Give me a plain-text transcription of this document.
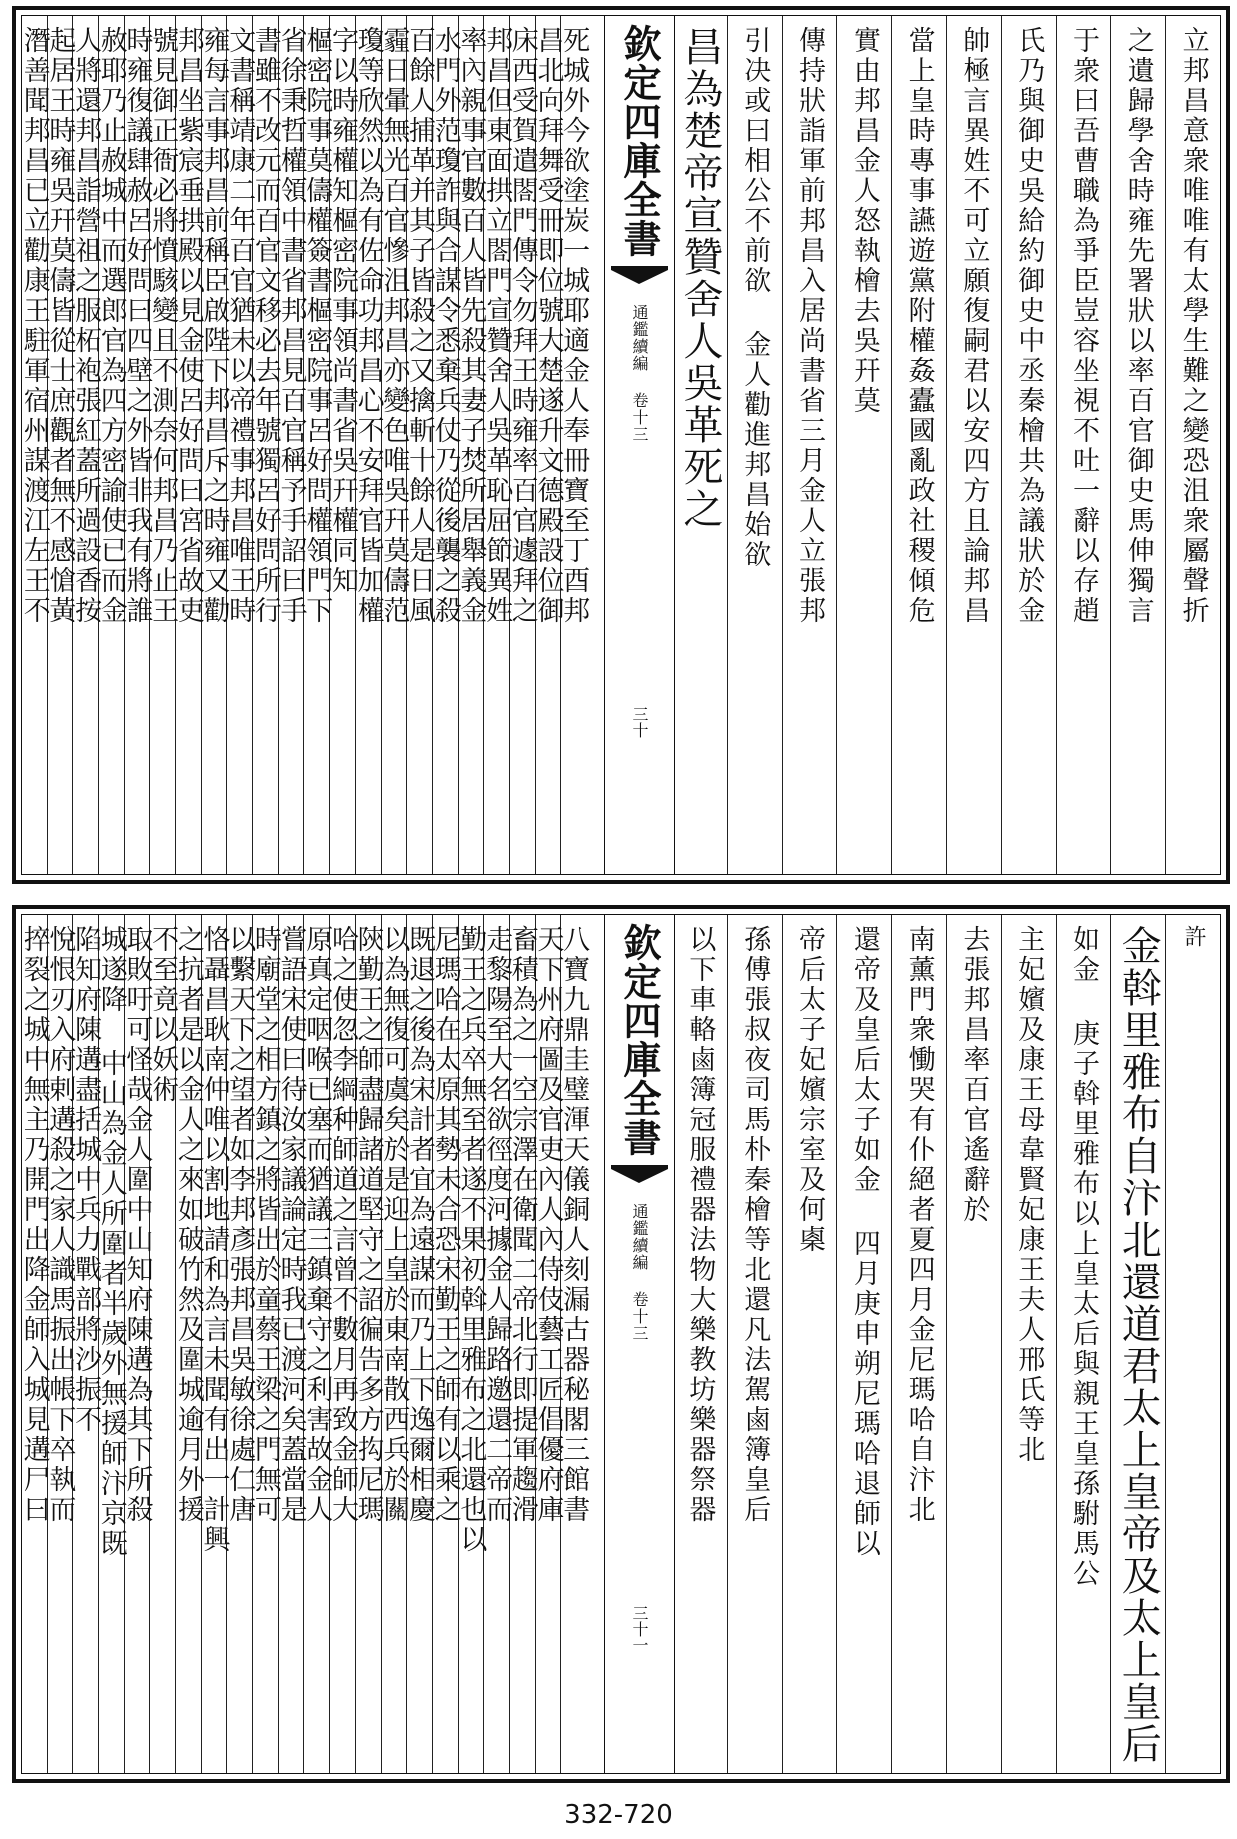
立邦昌意衆唯唯有太學生難之變恐沮衆屬聲折
之遺歸學舍時雍先署狀以率百官御史馬伸獨言
于衆曰吾曹職為爭臣豈容坐視不吐一辭以存趙
氏乃與御史吳給約御史中丞秦檜共為議狀於金
帥極言異姓不可立願復嗣君以安四方且論邦昌
當上皇時專事讌遊黨附權姦蠹國亂政社稷傾危
實由邦昌金人怒執檜去吳幵莫
傳持狀詣軍前邦昌入居尚書省三月金人立張邦
引决或曰相公不前欲 金人勸進邦昌始欲
昌為楚帝宣贊舍人吳革死之
欽定四庫全書
通鑑續編 卷十三
三十
死城外今欲塗炭一城耶適金人奉冊寶至丁酉邦
昌北向拜舞受冊即位號大楚遂升文德殿設位御
床西受賀遣閤門傳令勿拜王時雍率百官遽拜之
邦昌但東面拱立閤門宣贊舍人吳革恥屈節異姓
率內親事官數百人皆先殺其妻子焚所居舉義金
水門外范瓊詐與合謀令悉棄兵仗乃從後襲之殺
百餘人捕革并其子皆殺之又擒斬十餘人是日風
霾日暈無光百官慘沮邦昌亦變色唯吳幵莫儔范
瓊等欣然以為有佐命功邦昌心不安拜官皆加權
字以時雍權知樞密院事領尚書省吳幵權同知
樞密院事莫儔權簽書樞密院事呂好問權領門下
省徐秉哲權領中書省邦昌見百官稱予手詔曰手
書雖不改元而百官文移必去年號獨呂好問所行
文書稱靖康二年百官猶未以帝禮事邦昌唯王時
雍每言事邦昌前稱臣啟陛下邦昌斥之時雍又勸
邦昌坐紫宸垂拱殿以見金使呂好問曰宮省故吏
號見御正衙必將憤駭變且不測奈何邦昌乃止王
時雍復議肆赦呂好問曰四壁之外皆非我有將誰
赦耶乃止赦城中而選郎官為四方密諭使已而金
人將還邦昌詣營祖之服柘袍張紅蓋所過設香按
起居王時雍吳幵莫儔皆從士庶觀者無不感愴黃
潛善聞邦昌已立勸康王駐軍宿州謀渡江左王不
許
金斡里雅布自汴北還道君太上皇帝及太上皇后
如金 庚子斡里雅布以上皇太后與親王皇孫駙馬公
主妃嬪及康王母韋賢妃康王夫人邢氏等北
去張邦昌率百官遙辭於
南薰門衆慟哭有仆絕者夏四月金尼瑪哈自汴北
還帝及皇后太子如金 四月庚申朔尼瑪哈退師以
帝后太子妃嬪宗室及何㮚
孫傅張叔夜司馬朴秦檜等北還凡法駕鹵簿皇后
以下車輅鹵簿冠服禮器法物大樂教坊樂器祭器
欽定四庫全書
通鑑續編 卷十三
三十一
八寶九鼎圭璧渾天儀銅人刻漏古器秘閣三館書
天下州府圖及官吏內人內侍伎藝工匠倡優府庫
畜積為之一空宗澤在衛聞二帝北行即提軍趨滑
走黎陽至大名欲徑度河據金人歸路邀還二帝而
勤王之兵卒無至者遂不果初斡里雅布之北還也以
尼瑪哈在太原其勢未合恐宋勤王之師有以乘之
既退之後為宋計者宜為遠謀而乃上下逸爾相慶
以為無復可虞矣於是迎上皇於東南散西兵於關
陝勤王之師盡歸諸道堅守之詔徧告多方抅尼瑪
哈之使忽李綱种師道之言曾不數月再致金師大
原真定咽喉已塞而猶議三鎮棄守之利害故金人
嘗語宋使曰待汝家議論定時我已渡河矣蓋當是
時廟堂之相方鎮之將皆出於童蔡王梁之門無可
以繫天下之望者如李邦彥張邦昌吳敏徐處仁唐
恪聶昌耿南仲唯以割地請和為言未聞有出一計興
之抗者是以金人之來如破竹然及圍城逾月外援
不至竟以妖術
取敗吁可怪哉金人圍中山知府陳遘為其下所殺
城遂降 中山為金人所圍者半歲外無援師汴京既
陷知府陳遘盡括城中兵力戰部將沙振不
悅恨刃入府剌遘殺之家人識馬振出帳下卒執而
捽裂之城中無主乃開門出降金師入城見遘尸曰
332-720
